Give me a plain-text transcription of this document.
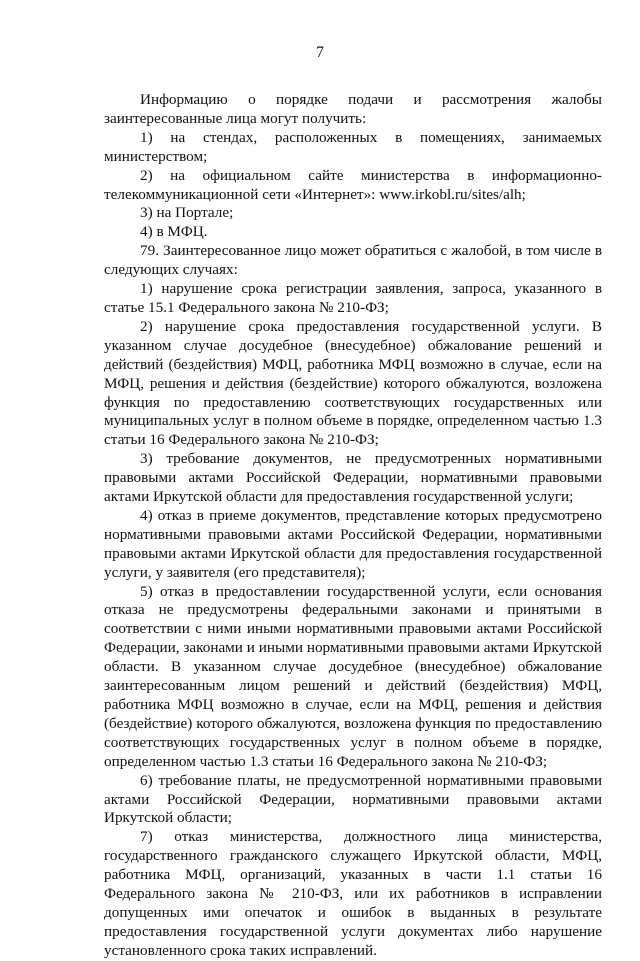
7

Информацию о порядке подачи и рассмотрения жалобы заинтересованные лица могут получить:

1) на стендах, расположенных в помещениях, занимаемых министерством;

2) на официальном сайте министерства в информационно-телекоммуникационной сети «Интернет»: www.irkobl.ru/sites/alh;

3) на Портале;

4) в МФЦ.

79. Заинтересованное лицо может обратиться с жалобой, в том числе в следующих случаях:

1) нарушение срока регистрации заявления, запроса, указанного в статье 15.1 Федерального закона № 210-ФЗ;

2) нарушение срока предоставления государственной услуги. В указанном случае досудебное (внесудебное) обжалование решений и действий (бездействия) МФЦ, работника МФЦ возможно в случае, если на МФЦ, решения и действия (бездействие) которого обжалуются, возложена функция по предоставлению соответствующих государственных или муниципальных услуг в полном объеме в порядке, определенном частью 1.3 статьи 16 Федерального закона № 210-ФЗ;

3) требование документов, не предусмотренных нормативными правовыми актами Российской Федерации, нормативными правовыми актами Иркутской области для предоставления государственной услуги;

4) отказ в приеме документов, представление которых предусмотрено нормативными правовыми актами Российской Федерации, нормативными правовыми актами Иркутской области для предоставления государственной услуги, у заявителя (его представителя);

5) отказ в предоставлении государственной услуги, если основания отказа не предусмотрены федеральными законами и принятыми в соответствии с ними иными нормативными правовыми актами Российской Федерации, законами и иными нормативными правовыми актами Иркутской области. В указанном случае досудебное (внесудебное) обжалование заинтересованным лицом решений и действий (бездействия) МФЦ, работника МФЦ возможно в случае, если на МФЦ, решения и действия (бездействие) которого обжалуются, возложена функция по предоставлению соответствующих государственных услуг в полном объеме в порядке, определенном частью 1.3 статьи 16 Федерального закона № 210-ФЗ;

6) требование платы, не предусмотренной нормативными правовыми актами Российской Федерации, нормативными правовыми актами Иркутской области;

7) отказ министерства, должностного лица министерства, государственного гражданского служащего Иркутской области, МФЦ, работника МФЦ, организаций, указанных в части 1.1 статьи 16 Федерального закона № 210-ФЗ, или их работников в исправлении допущенных ими опечаток и ошибок в выданных в результате предоставления государственной услуги документах либо нарушение установленного срока таких исправлений.
